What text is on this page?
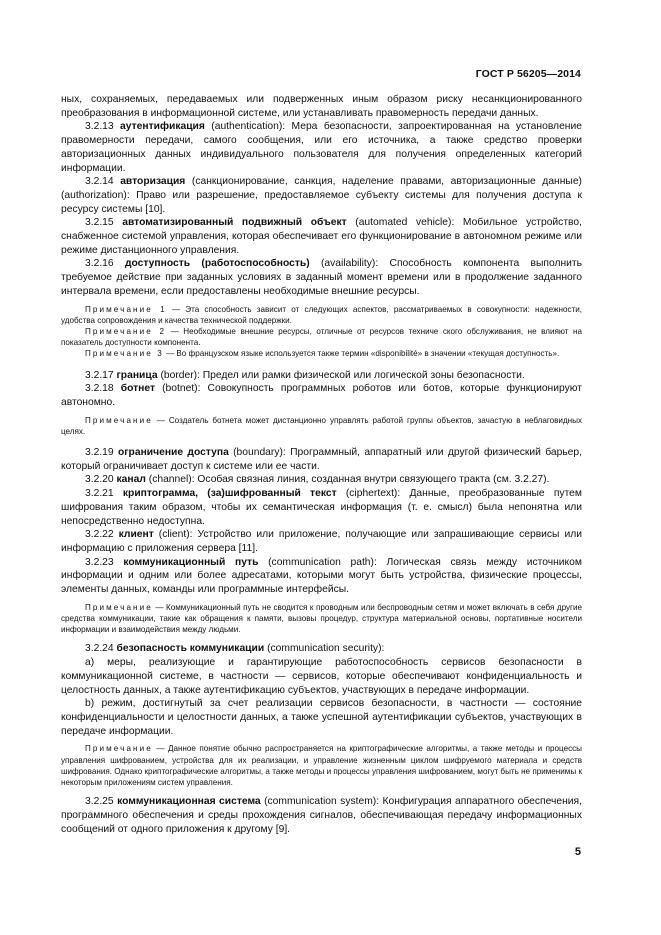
ГОСТ Р 56205—2014

ных, сохраняемых, передаваемых или подверженных иным образом риску несанкционированного преобразования в информационной системе, или устанавливать правомерность передачи данных.

3.2.13 аутентификация (authentication): Мера безопасности, запроектированная на установление правомерности передачи, самого сообщения, или его источника, а также средство проверки авторизационных данных индивидуального пользователя для получения определенных категорий информации.

3.2.14 авторизация (санкционирование, санкция, наделение правами, авторизационные данные) (authorization): Право или разрешение, предоставляемое субъекту системы для получения доступа к ресурсу системы [10].

3.2.15 автоматизированный подвижный объект (automated vehicle): Мобильное устройство, снабженное системой управления, которая обеспечивает его функционирование в автономном режиме или режиме дистанционного управления.

3.2.16 доступность (работоспособность) (availability): Способность компонента выполнить требуемое действие при заданных условиях в заданный момент времени или в продолжение заданного интервала времени, если предоставлены необходимые внешние ресурсы.

Примечание 1 — Эта способность зависит от следующих аспектов, рассматриваемых в совокупности: надежности, удобства сопровождения и качества технической поддержки.

Примечание 2 — Необходимые внешние ресурсы, отличные от ресурсов техниче ского обслуживания, не влияют на показатель доступности компонента.

Примечание 3 — Во французском языке используется также термин «disponibilité» в значении «текущая доступность».

3.2.17 граница (border): Предел или рамки физической или логической зоны безопасности.

3.2.18 ботнет (botnet): Совокупность программных роботов или ботов, которые функционируют автономно.

Примечание — Создатель ботнета может дистанционно управлять работой группы объектов, зачастую в неблаговидных целях.

3.2.19 ограничение доступа (boundary): Программный, аппаратный или другой физический барьер, который ограничивает доступ к системе или ее части.

3.2.20 канал (channel): Особая связная линия, созданная внутри связующего тракта (см. 3.2.27).

3.2.21 криптограмма, (за)шифрованный текст (ciphertext): Данные, преобразованные путем шифрования таким образом, чтобы их семантическая информация (т. е. смысл) была непонятна или непосредственно недоступна.

3.2.22 клиент (client): Устройство или приложение, получающие или запрашивающие сервисы или информацию с приложения сервера [11].

3.2.23 коммуникационный путь (communication path): Логическая связь между источником информации и одним или более адресатами, которыми могут быть устройства, физические процессы, элементы данных, команды или программные интерфейсы.

Примечание — Коммуникационный путь не сводится к проводным или беспроводным сетям и может включать в себя другие средства коммуникации, такие как обращения к памяти, вызовы процедур, структура материальной основы, портативные носители информации и взаимодействия между людьми.

3.2.24 безопасность коммуникации (communication security):

а) меры, реализующие и гарантирующие работоспособность сервисов безопасности в коммуникационной системе, в частности — сервисов, которые обеспечивают конфиденциальность и целостность данных, а также аутентификацию субъектов, участвующих в передаче информации.

b) режим, достигнутый за счет реализации сервисов безопасности, в частности — состояние конфиденциальности и целостности данных, а также успешной аутентификации субъектов, участвующих в передаче информации.

Примечание — Данное понятие обычно распространяется на криптографические алгоритмы, а также методы и процессы управления шифрованием, устройства для их реализации, и управление жизненным циклом шифруемого материала и средств шифрования. Однако криптографические алгоритмы, а также методы и процессы управления шифрованием, могут быть не применимы к некоторым приложениям систем управления.

3.2.25 коммуникационная система (communication system): Конфигурация аппаратного обеспечения, программного обеспечения и среды прохождения сигналов, обеспечивающая передачу информационных сообщений от одного приложения к другому [9].

5
